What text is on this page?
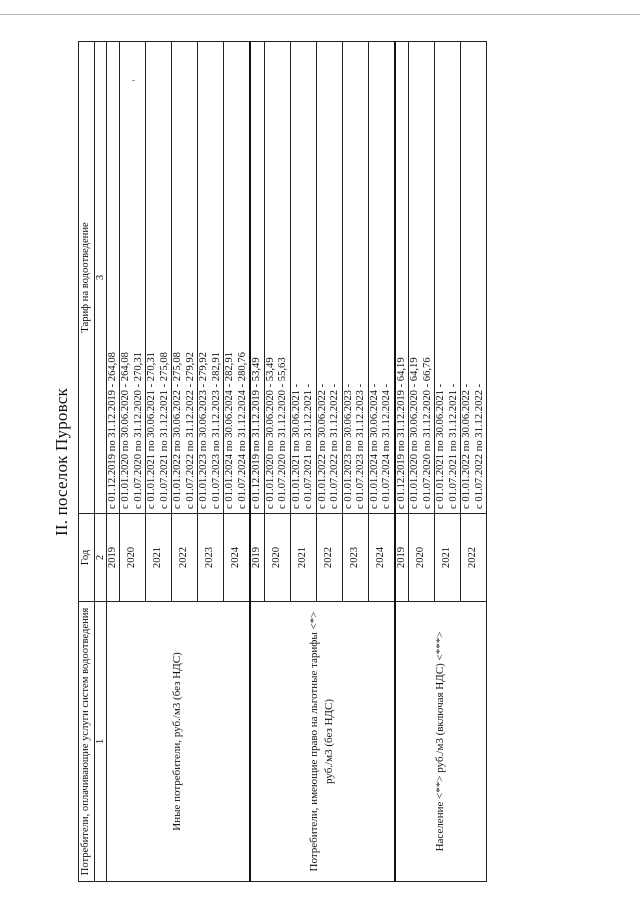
II. поселок Пуровск
Потребители, оплачивающие услуги систем водоотведения	Год	Тариф на водоотведение
1	2	3
Иные потребители, руб./м3 (без НДС)	2019	с 01.12.2019 по 31.12.2019 - 264,08

	2020	с 01.01.2020 по 30.06.2020 - 264,08 с 01.07.2020 по 31.12.2020 - 270,31

	2021	с 01.01.2021 по 30.06.2021 - 270,31 с 01.07.2021 по 31.12.2021 - 275,08

	2022	с 01.01.2022 по 30.06.2022 - 275,08 с 01.07.2022 по 31.12.2022 - 279,92

	2023	с 01.01.2023 по 30.06.2023 - 279,92 с 01.07.2023 по 31.12.2023 - 282,91

	2024	с 01.01.2024 по 30.06.2024 - 282,91 с 01.07.2024 по 31.12.2024 - 280,76

Потребители, имеющие право на льготные тарифы <*> руб./м3 (без НДС)	2019	с 01.12.2019 по 31.12.2019 - 53,49

	2020	с 01.01.2020 по 30.06.2020 - 53,49 с 01.07.2020 по 31.12.2020 - 55,63

	2021	с 01.01.2021 по 30.06.2021 - с 01.07.2021 по 31.12.2021 -

	2022	с 01.01.2022 по 30.06.2022 - с 01.07.2022 по 31.12.2022 -

	2023	с 01.01.2023 по 30.06.2023 - с 01.07.2023 по 31.12.2023 -

	2024	с 01.01.2024 по 30.06.2024 - с 01.07.2024 по 31.12.2024 -

Население <**> руб./м3 (включая НДС) <***>	2019	с 01.12.2019 по 31.12.2019 - 64,19

	2020	с 01.01.2020 по 30.06.2020 - 64,19 с 01.07.2020 по 31.12.2020 - 66,76

	2021	с 01.01.2021 по 30.06.2021 - с 01.07.2021 по 31.12.2021 -

	2022	с 01.01.2022 по 30.06.2022 - с 01.07.2022 по 31.12.2022 -
